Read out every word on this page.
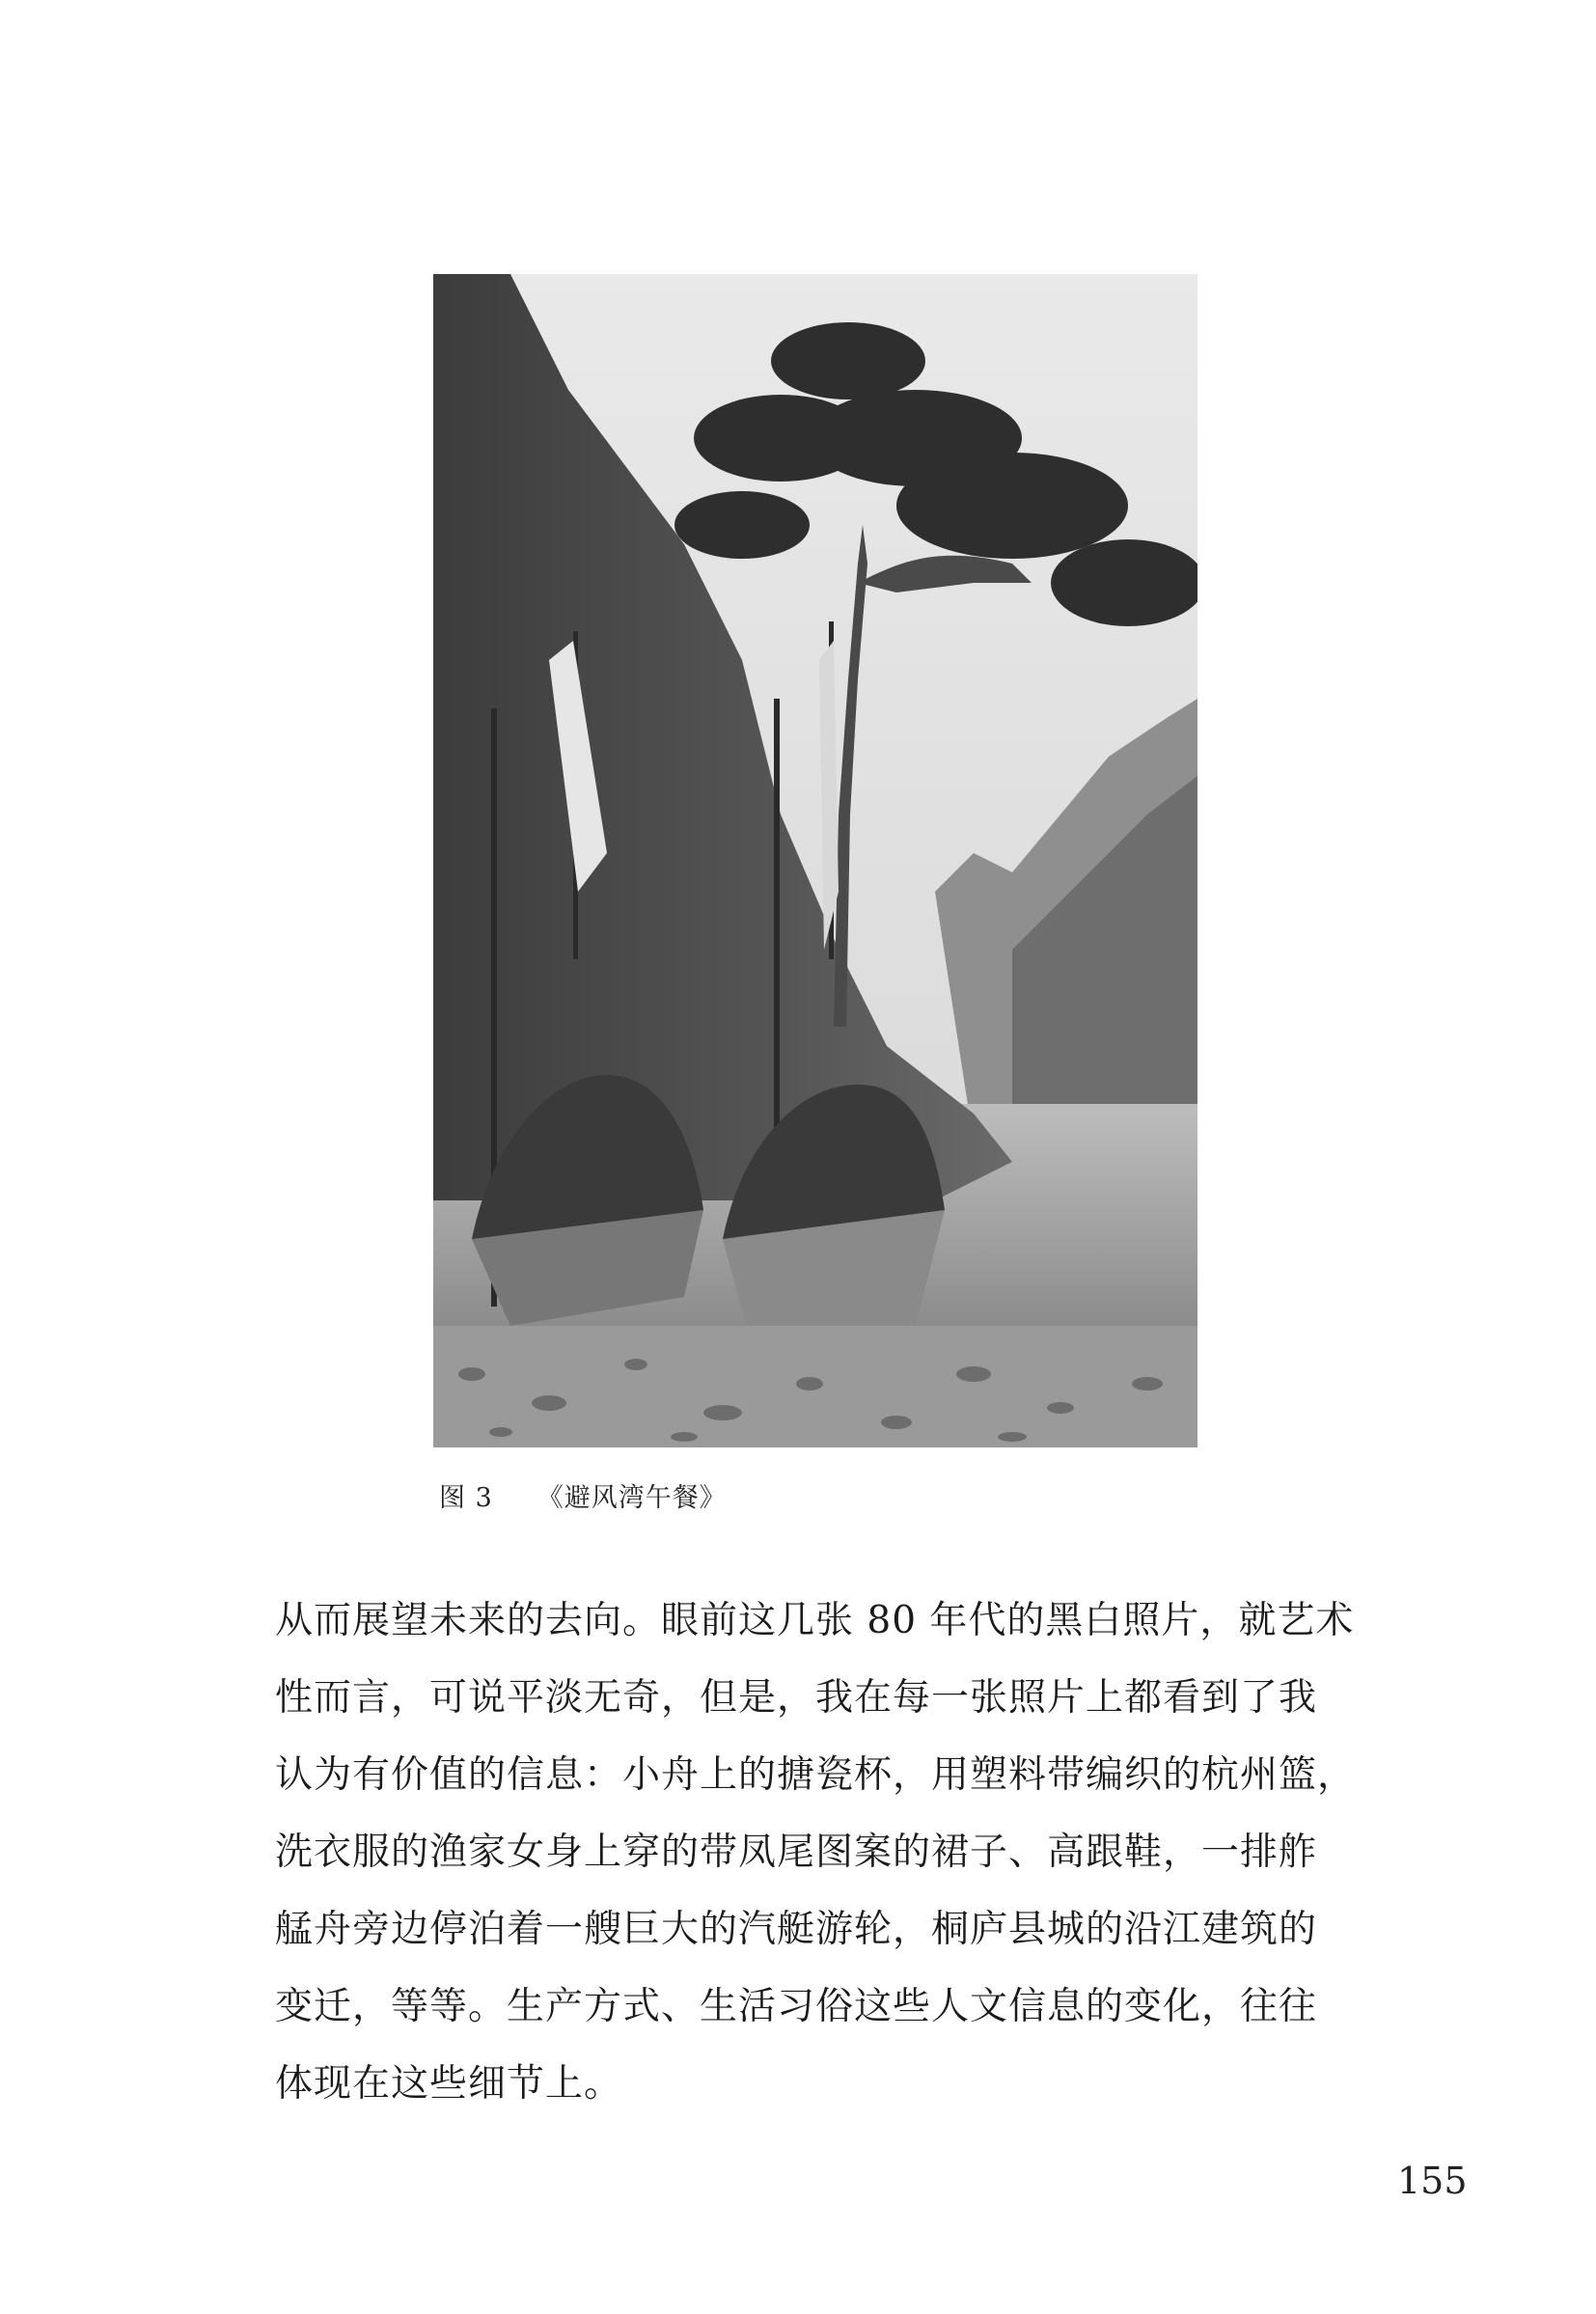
图 3 《避风湾午餐》

从而展望未来的去向。眼前这几张 80 年代的黑白照片，就艺术

性而言，可说平淡无奇，但是，我在每一张照片上都看到了我

认为有价值的信息：小舟上的搪瓷杯，用塑料带编织的杭州篮，

洗衣服的渔家女身上穿的带凤尾图案的裙子、高跟鞋，一排舴

艋舟旁边停泊着一艘巨大的汽艇游轮，桐庐县城的沿江建筑的

变迁，等等。生产方式、生活习俗这些人文信息的变化，往往

体现在这些细节上。

155
